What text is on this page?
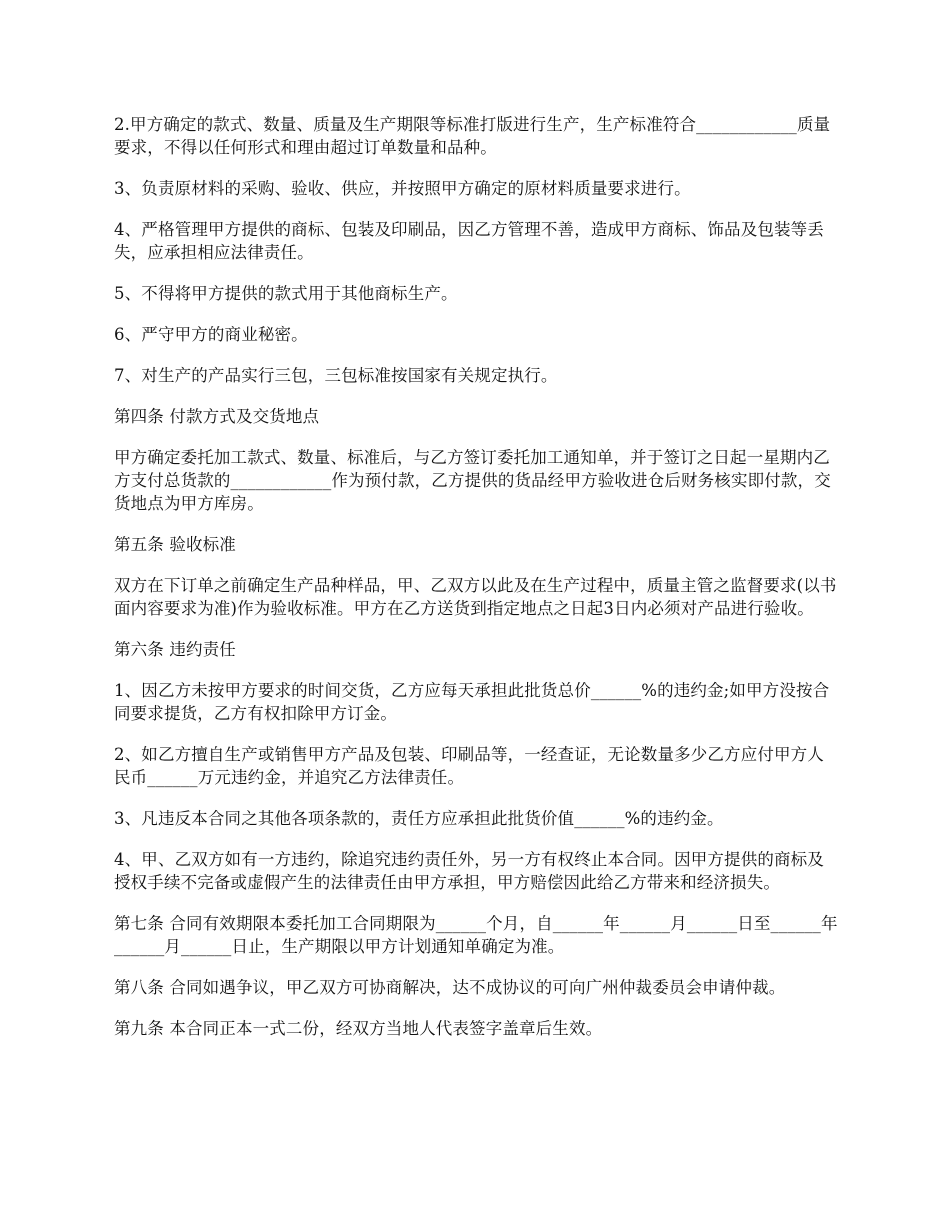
2.甲方确定的款式、数量、质量及生产期限等标准打版进行生产，生产标准符合____________质量要求，不得以任何形式和理由超过订单数量和品种。

3、负责原材料的采购、验收、供应，并按照甲方确定的原材料质量要求进行。

4、严格管理甲方提供的商标、包装及印刷品，因乙方管理不善，造成甲方商标、饰品及包装等丢失，应承担相应法律责任。

5、不得将甲方提供的款式用于其他商标生产。

6、严守甲方的商业秘密。

7、对生产的产品实行三包，三包标准按国家有关规定执行。

第四条 付款方式及交货地点

甲方确定委托加工款式、数量、标准后，与乙方签订委托加工通知单，并于签订之日起一星期内乙方支付总货款的____________作为预付款，乙方提供的货品经甲方验收进仓后财务核实即付款，交货地点为甲方库房。

第五条 验收标准

双方在下订单之前确定生产品种样品，甲、乙双方以此及在生产过程中，质量主管之监督要求(以书面内容要求为准)作为验收标准。甲方在乙方送货到指定地点之日起3日内必须对产品进行验收。

第六条 违约责任

1、因乙方未按甲方要求的时间交货，乙方应每天承担此批货总价______%的违约金;如甲方没按合同要求提货，乙方有权扣除甲方订金。

2、如乙方擅自生产或销售甲方产品及包装、印刷品等，一经查证，无论数量多少乙方应付甲方人民币______万元违约金，并追究乙方法律责任。

3、凡违反本合同之其他各项条款的，责任方应承担此批货价值______%的违约金。

4、甲、乙双方如有一方违约，除追究违约责任外，另一方有权终止本合同。因甲方提供的商标及授权手续不完备或虚假产生的法律责任由甲方承担，甲方赔偿因此给乙方带来和经济损失。

第七条 合同有效期限本委托加工合同期限为______个月，自______年______月______日至______年______月______日止，生产期限以甲方计划通知单确定为准。

第八条 合同如遇争议，甲乙双方可协商解决，达不成协议的可向广州仲裁委员会申请仲裁。

第九条 本合同正本一式二份，经双方当地人代表签字盖章后生效。
